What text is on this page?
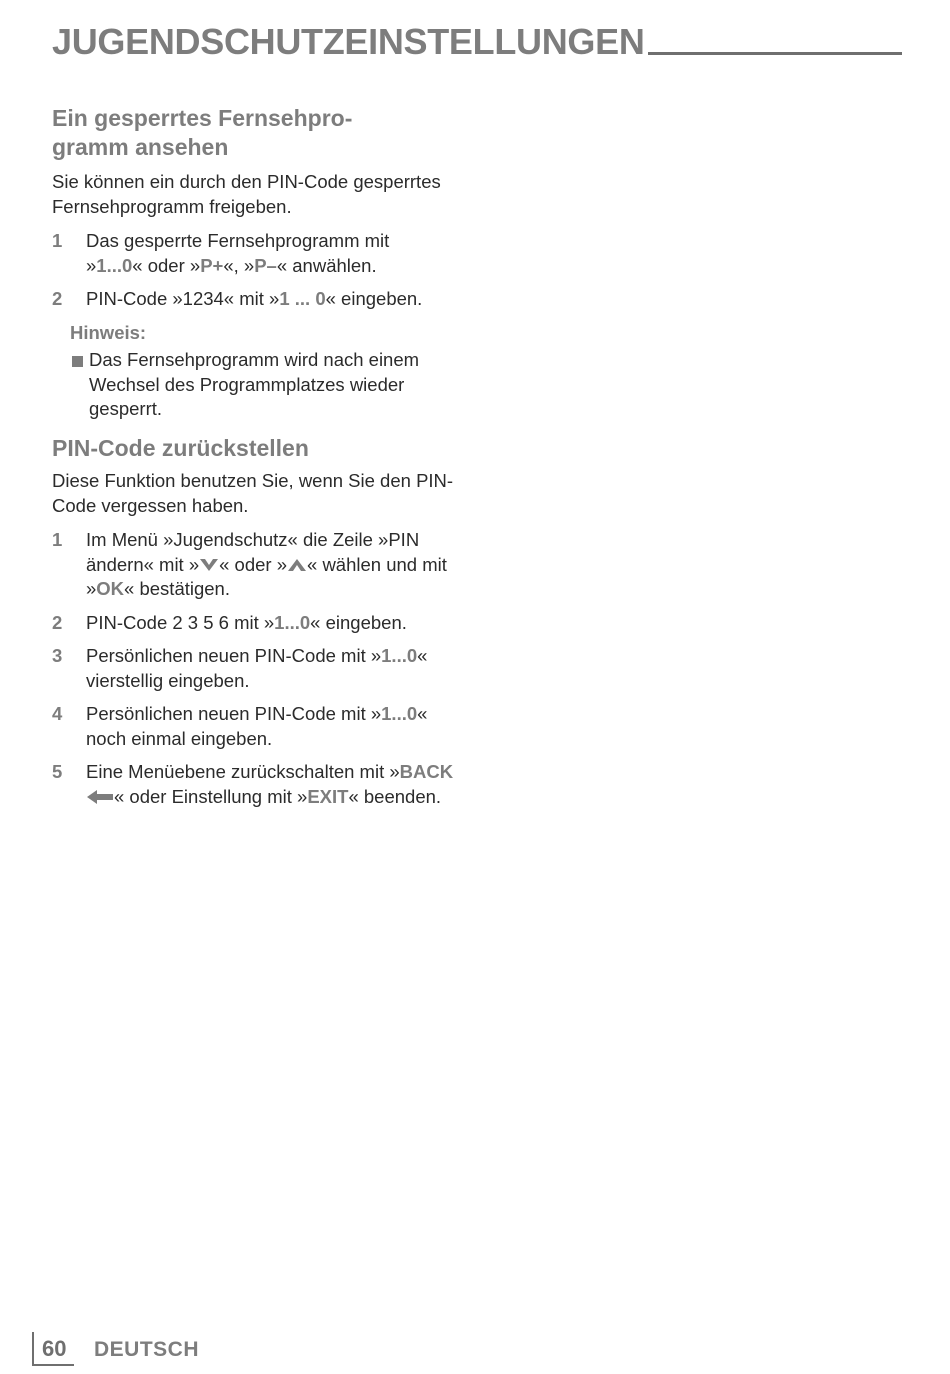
JUGENDSCHUTZEINSTELLUNGEN
Ein gesperrtes Fernsehpro-
gramm ansehen

Sie können ein durch den PIN-Code gesperrtes
Fernsehprogramm freigeben.

1 Das gesperrte Fernsehprogramm mit
»1...0« oder »P+«, »P–« anwählen.
2 PIN-Code »1234« mit »1 ... 0« eingeben.
Hinweis:
Das Fernsehprogramm wird nach einem
Wechsel des Programmplatzes wieder
gesperrt.
PIN-Code zurückstellen

Diese Funktion benutzen Sie, wenn Sie den PIN-
Code vergessen haben.

1 Im Menü »Jugendschutz« die Zeile »PIN
ändern« mit » « oder » « wählen und mit
»OK« bestätigen.
2 PIN-Code 2 3 5 6 mit »1...0« eingeben.
3 Persönlichen neuen PIN-Code mit »1...0«
vierstellig eingeben.
4 Persönlichen neuen PIN-Code mit »1...0«
noch einmal eingeben.
5 Eine Menüebene zurückschalten mit »BACK
« oder Einstellung mit »EXIT« beenden.
60	DEUTSCH
